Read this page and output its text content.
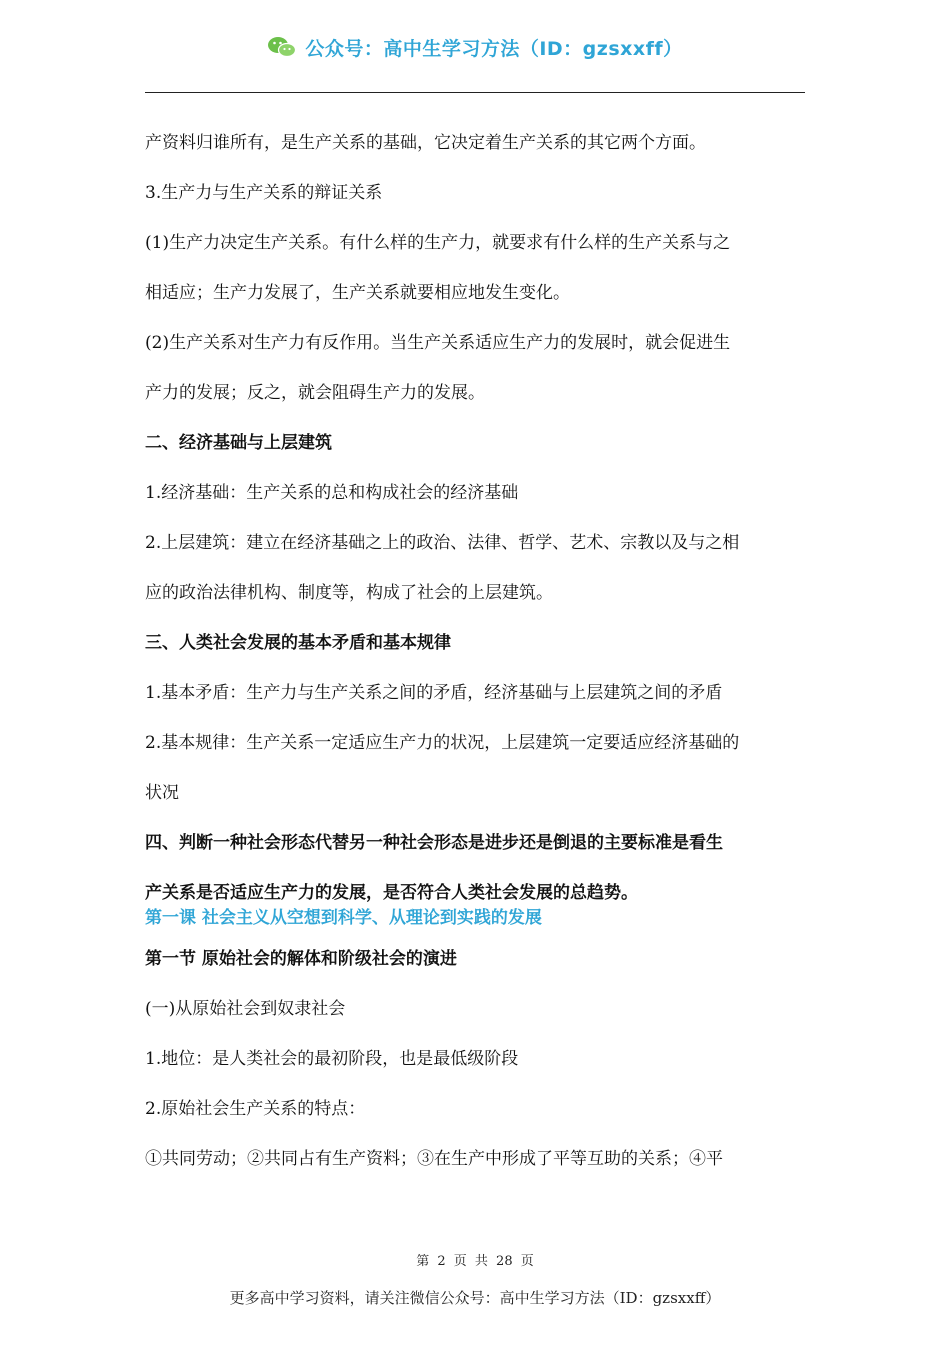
公众号：高中生学习方法（ID：gzsxxff）

产资料归谁所有，是生产关系的基础，它决定着生产关系的其它两个方面。

3.生产力与生产关系的辩证关系

(1)生产力决定生产关系。有什么样的生产力，就要求有什么样的生产关系与之

相适应；生产力发展了，生产关系就要相应地发生变化。

(2)生产关系对生产力有反作用。当生产关系适应生产力的发展时，就会促进生

产力的发展；反之，就会阻碍生产力的发展。

二、经济基础与上层建筑

1.经济基础：生产关系的总和构成社会的经济基础

2.上层建筑：建立在经济基础之上的政治、法律、哲学、艺术、宗教以及与之相

应的政治法律机构、制度等，构成了社会的上层建筑。

三、人类社会发展的基本矛盾和基本规律

1.基本矛盾：生产力与生产关系之间的矛盾，经济基础与上层建筑之间的矛盾

2.基本规律：生产关系一定适应生产力的状况，上层建筑一定要适应经济基础的

状况

四、判断一种社会形态代替另一种社会形态是进步还是倒退的主要标准是看生

产关系是否适应生产力的发展，是否符合人类社会发展的总趋势。

第一课 社会主义从空想到科学、从理论到实践的发展

第一节 原始社会的解体和阶级社会的演进

(一)从原始社会到奴隶社会

1.地位：是人类社会的最初阶段，也是最低级阶段

2.原始社会生产关系的特点：

①共同劳动；②共同占有生产资料；③在生产中形成了平等互助的关系；④平

第 2 页 共 28 页
更多高中学习资料，请关注微信公众号：高中生学习方法（ID：gzsxxff）
